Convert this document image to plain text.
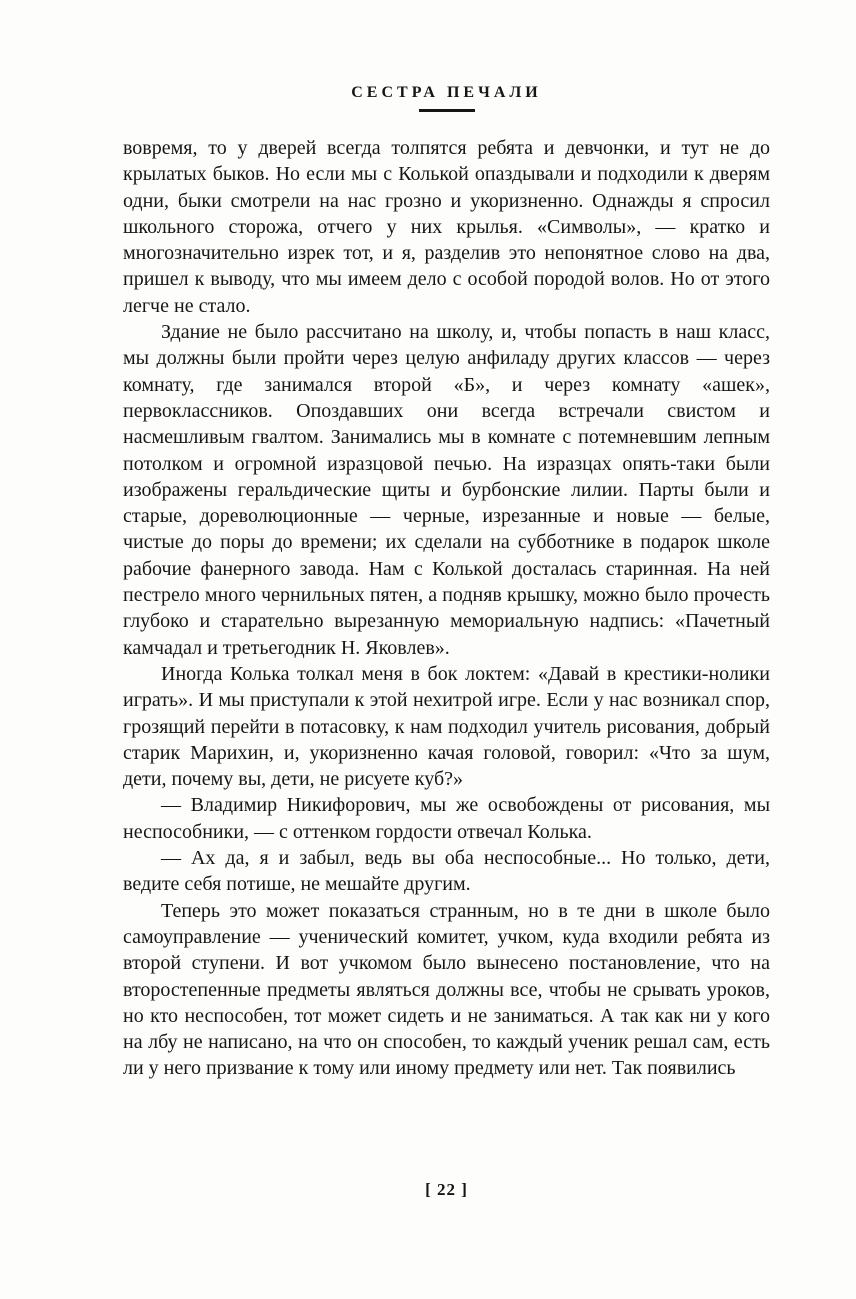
СЕСТРА ПЕЧАЛИ

вовремя, то у дверей всегда толпятся ребята и девчонки, и тут не до крылатых быков. Но если мы с Колькой опаздывали и подходили к дверям одни, быки смотрели на нас грозно и укоризненно. Однажды я спросил школьного сторожа, отчего у них крылья. «Символы», — кратко и многозначительно изрек тот, и я, разделив это непонятное слово на два, пришел к выводу, что мы имеем дело с особой породой волов. Но от этого легче не стало.

Здание не было рассчитано на школу, и, чтобы попасть в наш класс, мы должны были пройти через целую анфиладу других классов — через комнату, где занимался второй «Б», и через комнату «ашек», первоклассников. Опоздавших они всегда встречали свистом и насмешливым гвалтом. Занимались мы в комнате с потемневшим лепным потолком и огромной изразцовой печью. На изразцах опять-таки были изображены геральдические щиты и бурбонские лилии. Парты были и старые, дореволюционные — черные, изрезанные и новые — белые, чистые до поры до времени; их сделали на субботнике в подарок школе рабочие фанерного завода. Нам с Колькой досталась старинная. На ней пестрело много чернильных пятен, а подняв крышку, можно было прочесть глубоко и старательно вырезанную мемориальную надпись: «Пачетный камчадал и третьегодник Н. Яковлев».

Иногда Колька толкал меня в бок локтем: «Давай в крестики-нолики играть». И мы приступали к этой нехитрой игре. Если у нас возникал спор, грозящий перейти в потасовку, к нам подходил учитель рисования, добрый старик Марихин, и, укоризненно качая головой, говорил: «Что за шум, дети, почему вы, дети, не рисуете куб?»

— Владимир Никифорович, мы же освобождены от рисования, мы неспособники, — с оттенком гордости отвечал Колька.

— Ах да, я и забыл, ведь вы оба неспособные... Но только, дети, ведите себя потише, не мешайте другим.

Теперь это может показаться странным, но в те дни в школе было самоуправление — ученический комитет, учком, куда входили ребята из второй ступени. И вот учкомом было вынесено постановление, что на второстепенные предметы являться должны все, чтобы не срывать уроков, но кто неспособен, тот может сидеть и не заниматься. А так как ни у кого на лбу не написано, на что он способен, то каждый ученик решал сам, есть ли у него призвание к тому или иному предмету или нет. Так появились

[ 22 ]
